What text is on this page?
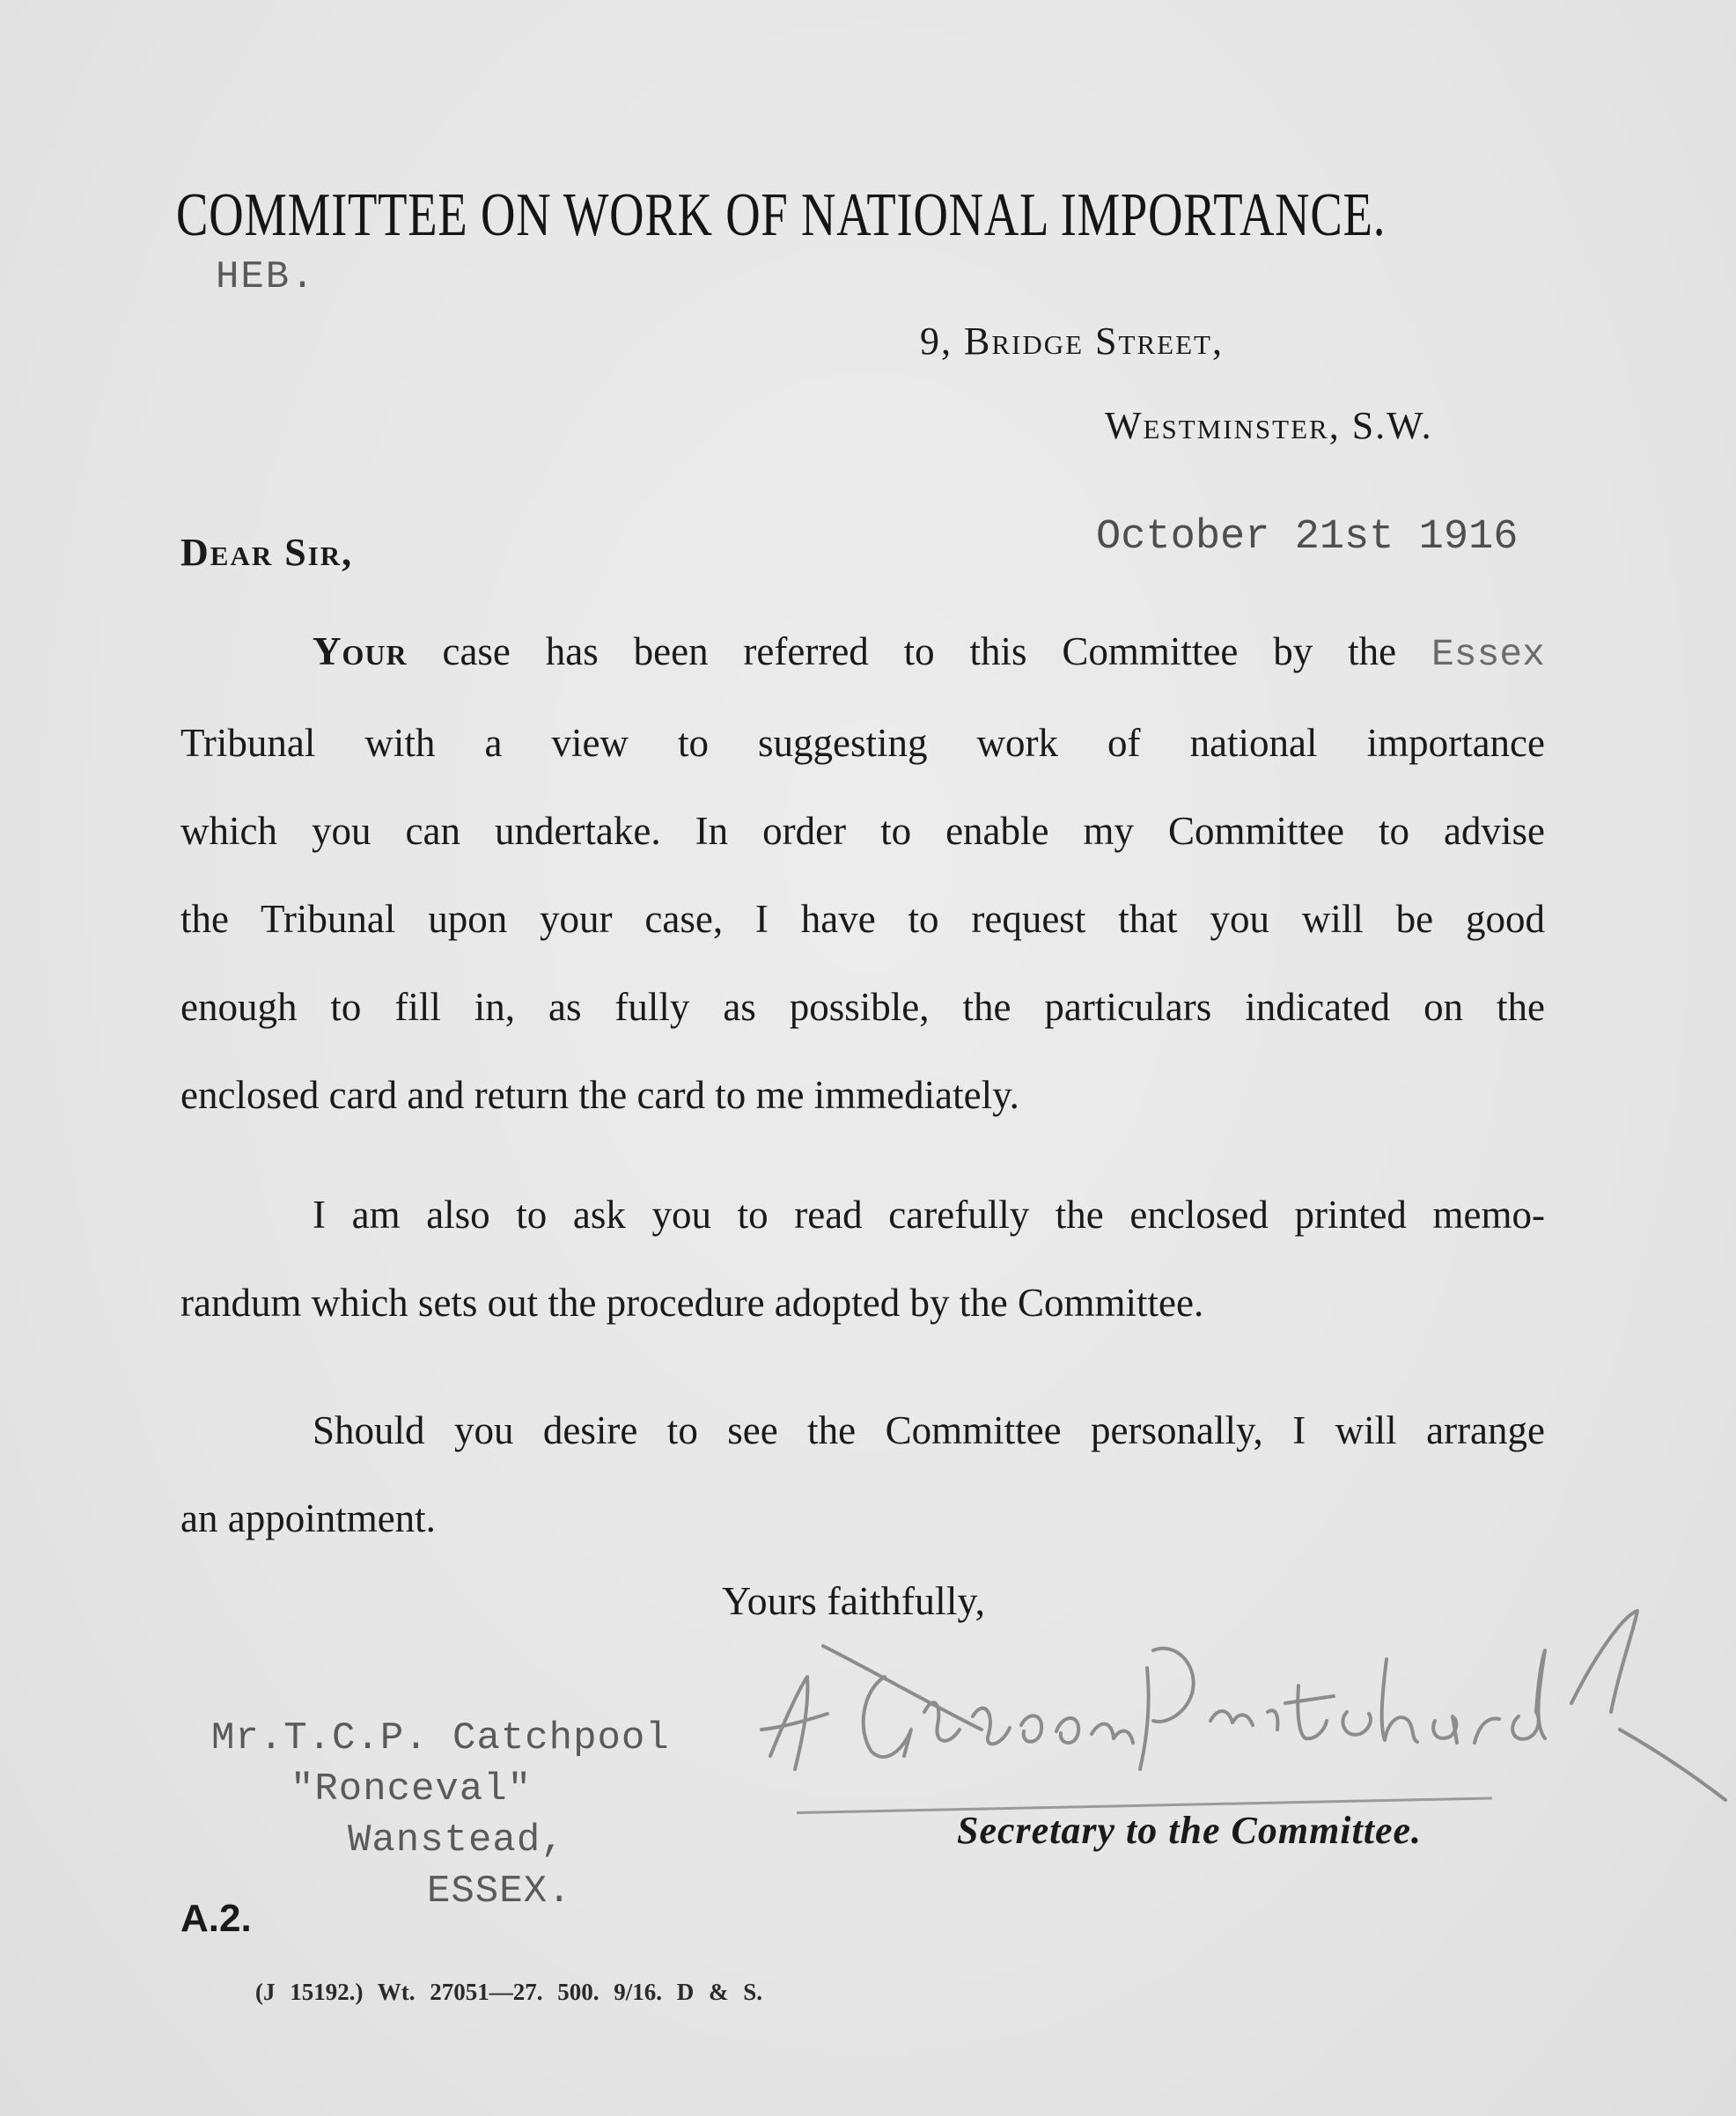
COMMITTEE ON WORK OF NATIONAL IMPORTANCE.
HEB.
9, Bridge Street,
Westminster, S.W.
October 21st 1916
Dear Sir,
Your case has been referred to this Committee by the Essex
Tribunal with a view to suggesting work of national importance
which you can undertake. In order to enable my Committee to advise
the Tribunal upon your case, I have to request that you will be good
enough to fill in, as fully as possible, the particulars indicated on the
enclosed card and return the card to me immediately.
I am also to ask you to read carefully the enclosed printed memo-
randum which sets out the procedure adopted by the Committee.
Should you desire to see the Committee personally, I will arrange
an appointment.
Yours faithfully,
Secretary to the Committee.
Mr.T.C.P. Catchpool
"Ronceval"
Wanstead,
ESSEX.
A.2.
(J 15192.) Wt. 27051—27. 500. 9/16. D & S.
